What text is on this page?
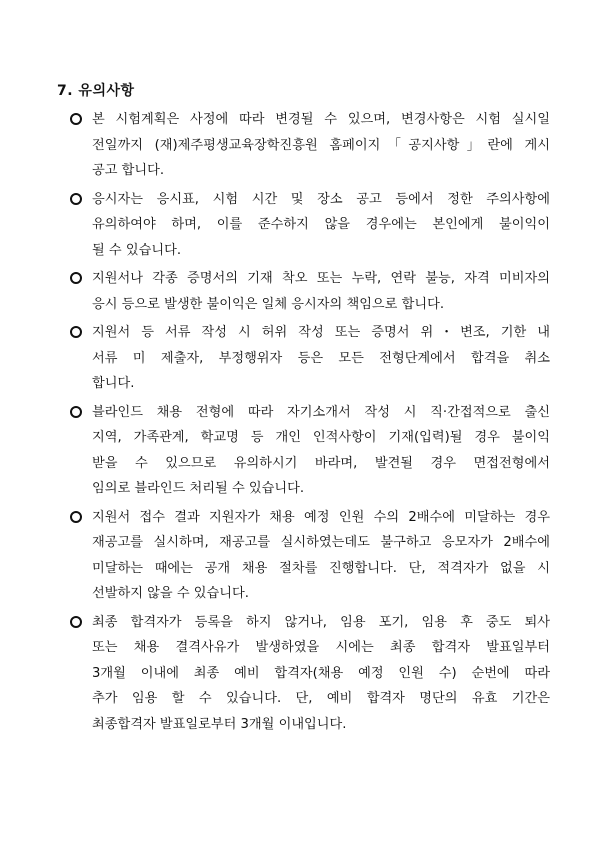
7. 유의사항
본 시험계획은 사정에 따라 변경될 수 있으며, 변경사항은 시험 실시일
전일까지 (재)제주평생교육장학진흥원 홈페이지「공지사항」란에 게시
공고 합니다.
응시자는 응시표, 시험 시간 및 장소 공고 등에서 정한 주의사항에
유의하여야 하며, 이를 준수하지 않을 경우에는 본인에게 불이익이
될 수 있습니다.
지원서나 각종 증명서의 기재 착오 또는 누락, 연락 불능, 자격 미비자의
응시 등으로 발생한 불이익은 일체 응시자의 책임으로 합니다.
지원서 등 서류 작성 시 허위 작성 또는 증명서 위・변조, 기한 내
서류 미 제출자, 부정행위자 등은 모든 전형단계에서 합격을 취소
합니다.
블라인드 채용 전형에 따라 자기소개서 작성 시 직·간접적으로 출신
지역, 가족관계, 학교명 등 개인 인적사항이 기재(입력)될 경우 불이익
받을 수 있으므로 유의하시기 바라며, 발견될 경우 면접전형에서
임의로 블라인드 처리될 수 있습니다.
지원서 접수 결과 지원자가 채용 예정 인원 수의 2배수에 미달하는 경우
재공고를 실시하며, 재공고를 실시하였는데도 불구하고 응모자가 2배수에
미달하는 때에는 공개 채용 절차를 진행합니다. 단, 적격자가 없을 시
선발하지 않을 수 있습니다.
최종 합격자가 등록을 하지 않거나, 임용 포기, 임용 후 중도 퇴사
또는 채용 결격사유가 발생하였을 시에는 최종 합격자 발표일부터
3개월 이내에 최종 예비 합격자(채용 예정 인원 수) 순번에 따라
추가 임용 할 수 있습니다. 단, 예비 합격자 명단의 유효 기간은
최종합격자 발표일로부터 3개월 이내입니다.
